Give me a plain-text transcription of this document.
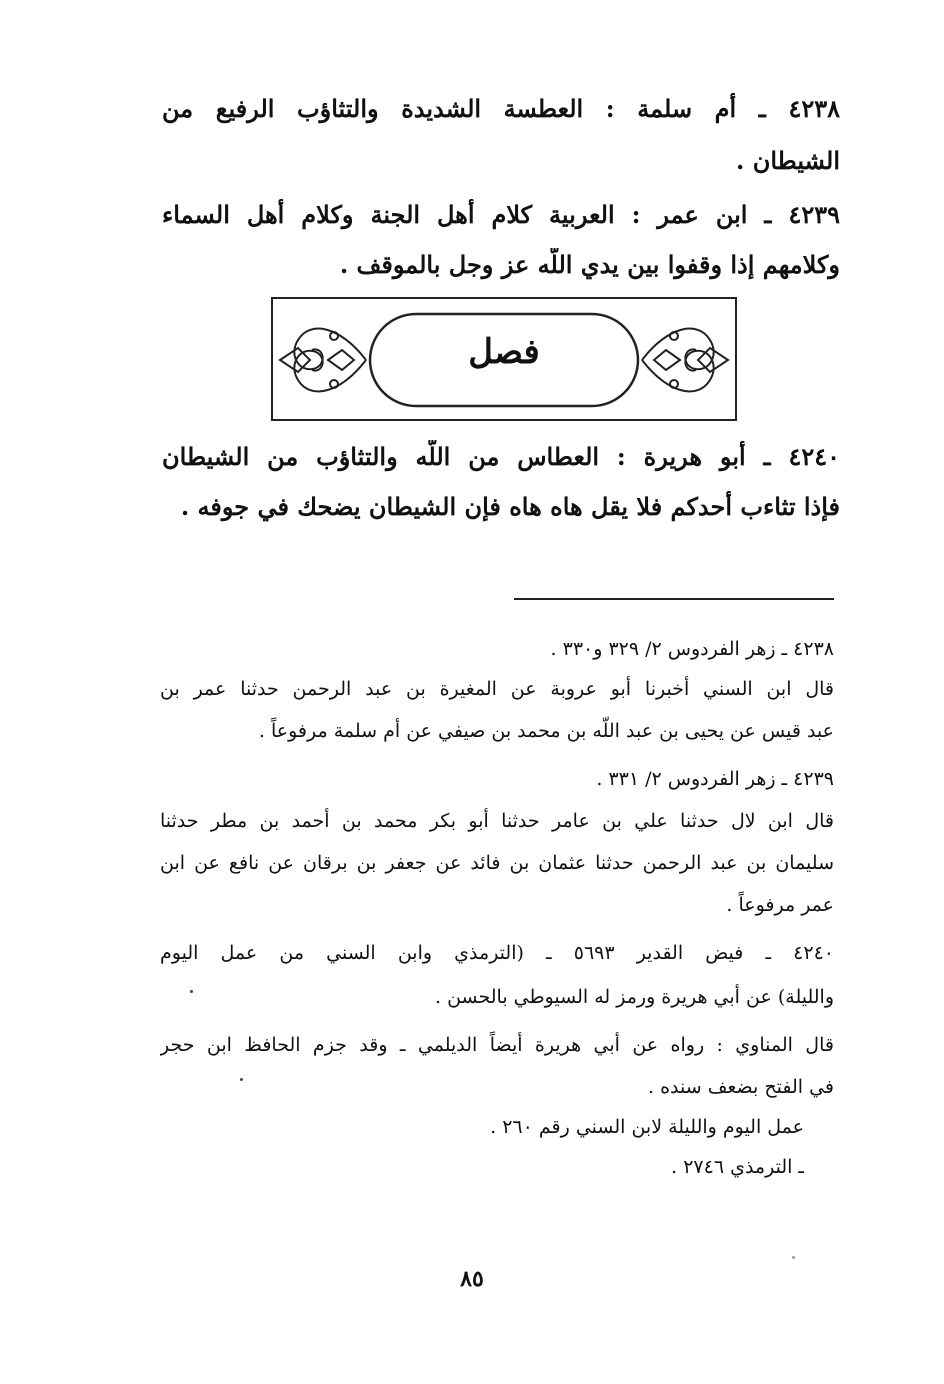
٤٢٣٨ ـ أم سلمة : العطسة الشديدة والتثاؤب الرفيع من
الشيطان .
٤٢٣٩ ـ ابن عمر : العربية كلام أهل الجنة وكلام أهل السماء
وكلامهم إذا وقفوا بين يدي اللّه عز وجل بالموقف .
فصل
٤٢٤٠ ـ أبو هريرة : العطاس من اللّه والتثاؤب من الشيطان
فإذا تثاءب أحدكم فلا يقل هاه هاه فإن الشيطان يضحك في جوفه .
٤٢٣٨ ـ زهر الفردوس ٢/ ٣٢٩ و٣٣٠ .
قال ابن السني أخبرنا أبو عروبة عن المغيرة بن عبد الرحمن حدثنا عمر بن
عبد قيس عن يحيى بن عبد اللّه بن محمد بن صيفي عن أم سلمة مرفوعاً .
٤٢٣٩ ـ زهر الفردوس ٢/ ٣٣١ .
قال ابن لال حدثنا علي بن عامر حدثنا أبو بكر محمد بن أحمد بن مطر حدثنا
سليمان بن عبد الرحمن حدثنا عثمان بن فائد عن جعفر بن برقان عن نافع عن ابن
عمر مرفوعاً .
٤٢٤٠ ـ فيض القدير ٥٦٩٣ ـ (الترمذي وابن السني من عمل اليوم
والليلة) عن أبي هريرة ورمز له السيوطي بالحسن .
قال المناوي : رواه عن أبي هريرة أيضاً الديلمي ـ وقد جزم الحافظ ابن حجر
في الفتح بضعف سنده .
عمل اليوم والليلة لابن السني رقم ٢٦٠ .
ـ الترمذي ٢٧٤٦ .
٨٥
